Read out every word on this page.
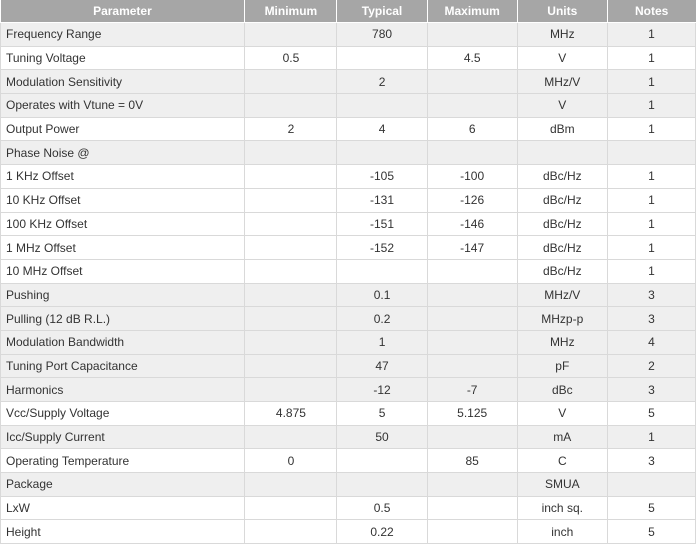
Parameter	Minimum	Typical	Maximum	Units	Notes
Frequency Range		780		MHz	1
Tuning Voltage	0.5		4.5	V	1
Modulation Sensitivity		2		MHz/V	1
Operates with Vtune = 0V				V	1
Output Power	2	4	6	dBm	1
Phase Noise @					
1 KHz Offset		-105	-100	dBc/Hz	1
10 KHz Offset		-131	-126	dBc/Hz	1
100 KHz Offset		-151	-146	dBc/Hz	1
1 MHz Offset		-152	-147	dBc/Hz	1
10 MHz Offset				dBc/Hz	1
Pushing		0.1		MHz/V	3
Pulling (12 dB R.L.)		0.2		MHzp-p	3
Modulation Bandwidth		1		MHz	4
Tuning Port Capacitance		47		pF	2
Harmonics		-12	-7	dBc	3
Vcc/Supply Voltage	4.875	5	5.125	V	5
Icc/Supply Current		50		mA	1
Operating Temperature	0		85	C	3
Package				SMUA	
LxW		0.5		inch sq.	5
Height		0.22		inch	5
